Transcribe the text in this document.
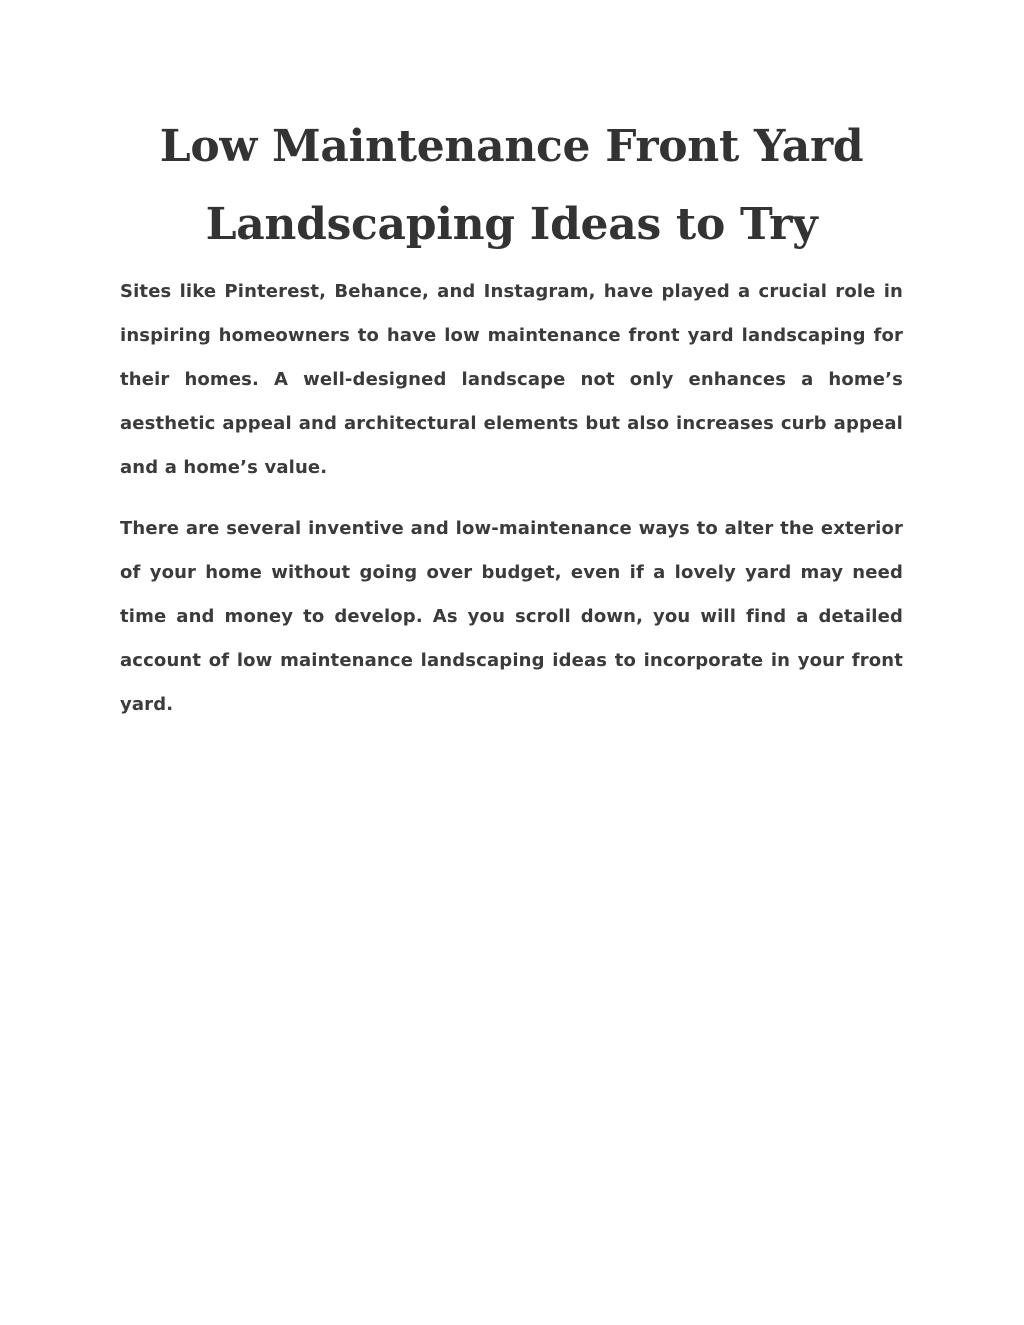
Low Maintenance Front Yard Landscaping Ideas to Try

Sites like Pinterest, Behance, and Instagram, have played a crucial role in inspiring homeowners to have low maintenance front yard landscaping for their homes. A well-designed landscape not only enhances a home’s aesthetic appeal and architectural elements but also increases curb appeal and a home’s value.

There are several inventive and low-maintenance ways to alter the exterior of your home without going over budget, even if a lovely yard may need time and money to develop. As you scroll down, you will find a detailed account of low maintenance landscaping ideas to incorporate in your front yard.
